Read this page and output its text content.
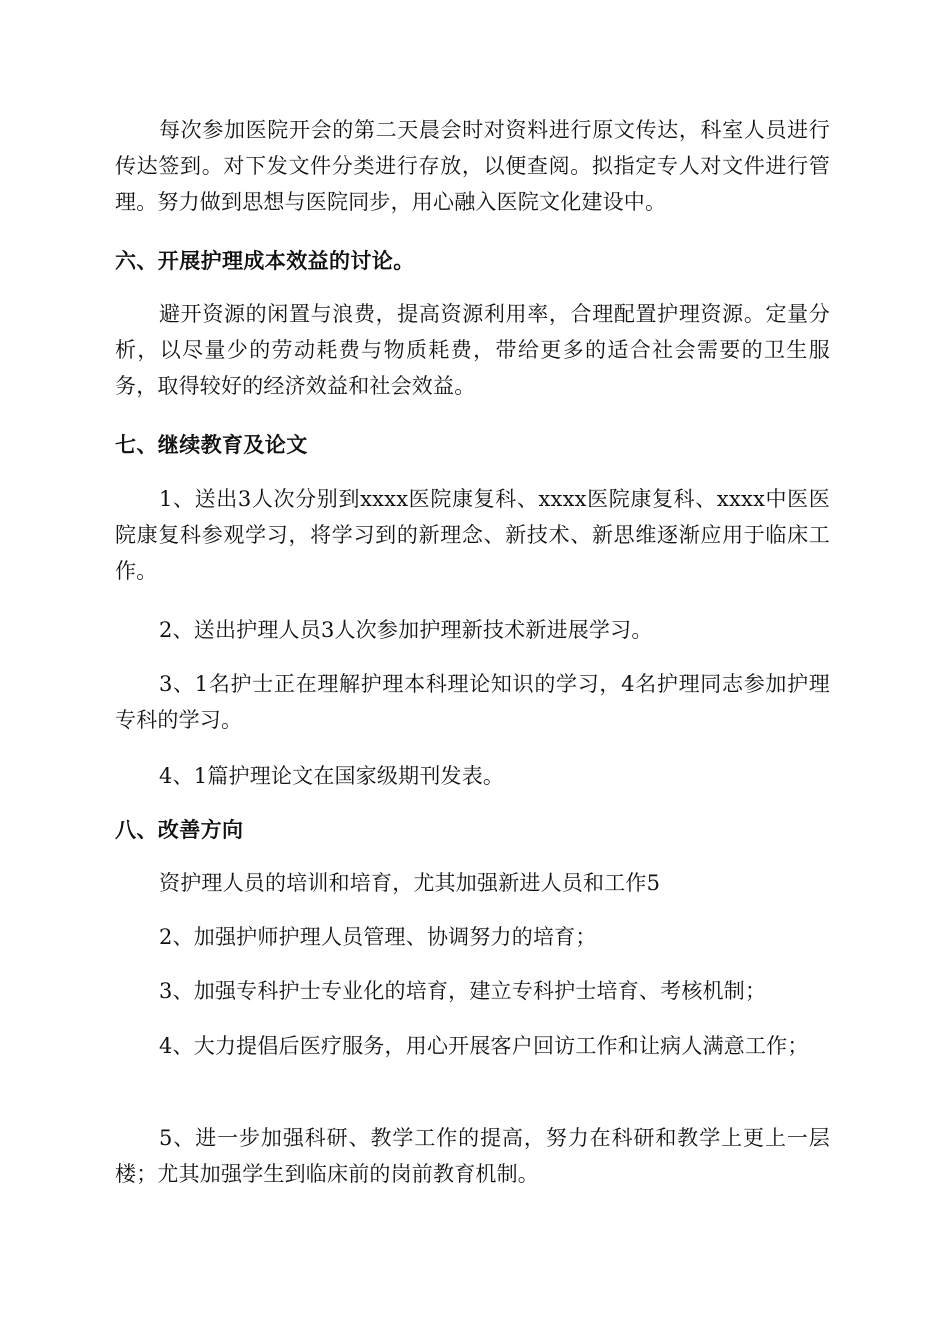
每次参加医院开会的第二天晨会时对资料进行原文传达，科室人员进行传达签到。对下发文件分类进行存放，以便查阅。拟指定专人对文件进行管理。努力做到思想与医院同步，用心融入医院文化建设中。

六、开展护理成本效益的讨论。

避开资源的闲置与浪费，提高资源利用率，合理配置护理资源。定量分析，以尽量少的劳动耗费与物质耗费，带给更多的适合社会需要的卫生服务，取得较好的经济效益和社会效益。

七、继续教育及论文

1、送出3人次分别到xxxx医院康复科、xxxx医院康复科、xxxx中医医院康复科参观学习，将学习到的新理念、新技术、新思维逐渐应用于临床工作。

2、送出护理人员3人次参加护理新技术新进展学习。

3、1名护士正在理解护理本科理论知识的学习，4名护理同志参加护理专科的学习。

4、1篇护理论文在国家级期刊发表。

八、改善方向

资护理人员的培训和培育，尤其加强新进人员和工作5

2、加强护师护理人员管理、协调努力的培育；

3、加强专科护士专业化的培育，建立专科护士培育、考核机制；

4、大力提倡后医疗服务，用心开展客户回访工作和让病人满意工作；

5、进一步加强科研、教学工作的提高，努力在科研和教学上更上一层楼；尤其加强学生到临床前的岗前教育机制。
